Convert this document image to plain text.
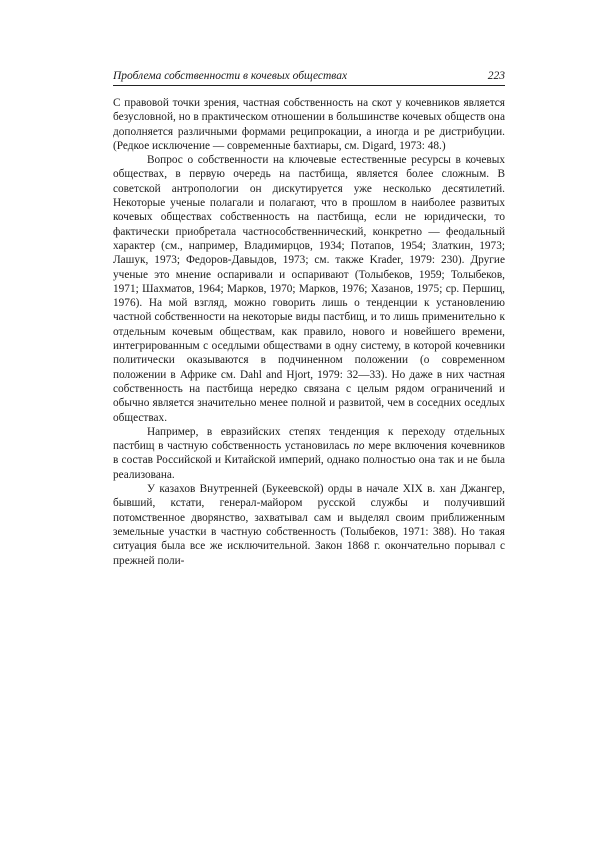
Проблема собственности в кочевых обществах	223

С правовой точки зрения, частная собственность на скот у кочевников является безусловной, но в практическом отношении в большинстве кочевых обществ она дополняется различными формами реципрокации, а иногда и ре дистрибуции. (Редкое исключение — современные бахтиары, см. Digard, 1973: 48.)

Вопрос о собственности на ключевые естественные ресурсы в кочевых обществах, в первую очередь на пастбища, является более сложным. В советской антропологии он дискутируется уже несколько десятилетий. Некоторые ученые полагали и полагают, что в прошлом в наиболее развитых кочевых обществах собственность на пастбища, если не юридически, то фактически приобретала частнособственнический, конкретно — феодальный характер (см., например, Владимирцов, 1934; Потапов, 1954; Златкин, 1973; Лашук, 1973; Федоров-Давыдов, 1973; см. также Krader, 1979: 230). Другие ученые это мнение оспаривали и оспаривают (Толыбеков, 1959; Толыбеков, 1971; Шахматов, 1964; Марков, 1970; Марков, 1976; Хазанов, 1975; ср. Першиц, 1976). На мой взгляд, можно говорить лишь о тенденции к установлению частной собственности на некоторые виды пастбищ, и то лишь применительно к отдельным кочевым обществам, как правило, нового и новейшего времени, интегрированным с оседлыми обществами в одну систему, в которой кочевники политически оказываются в подчиненном положении (о современном положении в Африке см. Dahl and Hjort, 1979: 32—33). Но даже в них частная собственность на пастбища нередко связана с целым рядом ограничений и обычно является значительно менее полной и развитой, чем в соседних оседлых обществах.

Например, в евразийских степях тенденция к переходу отдельных пастбищ в частную собственность установилась по мере включения кочевников в состав Российской и Китайской империй, однако полностью она так и не была реализована.

У казахов Внутренней (Букеевской) орды в начале XIX в. хан Джангер, бывший, кстати, генерал-майором русской службы и получивший потомственное дворянство, захватывал сам и выделял своим приближенным земельные участки в частную собственность (Толыбеков, 1971: 388). Но такая ситуация была все же исключительной. Закон 1868 г. окончательно порывал с прежней поли-
